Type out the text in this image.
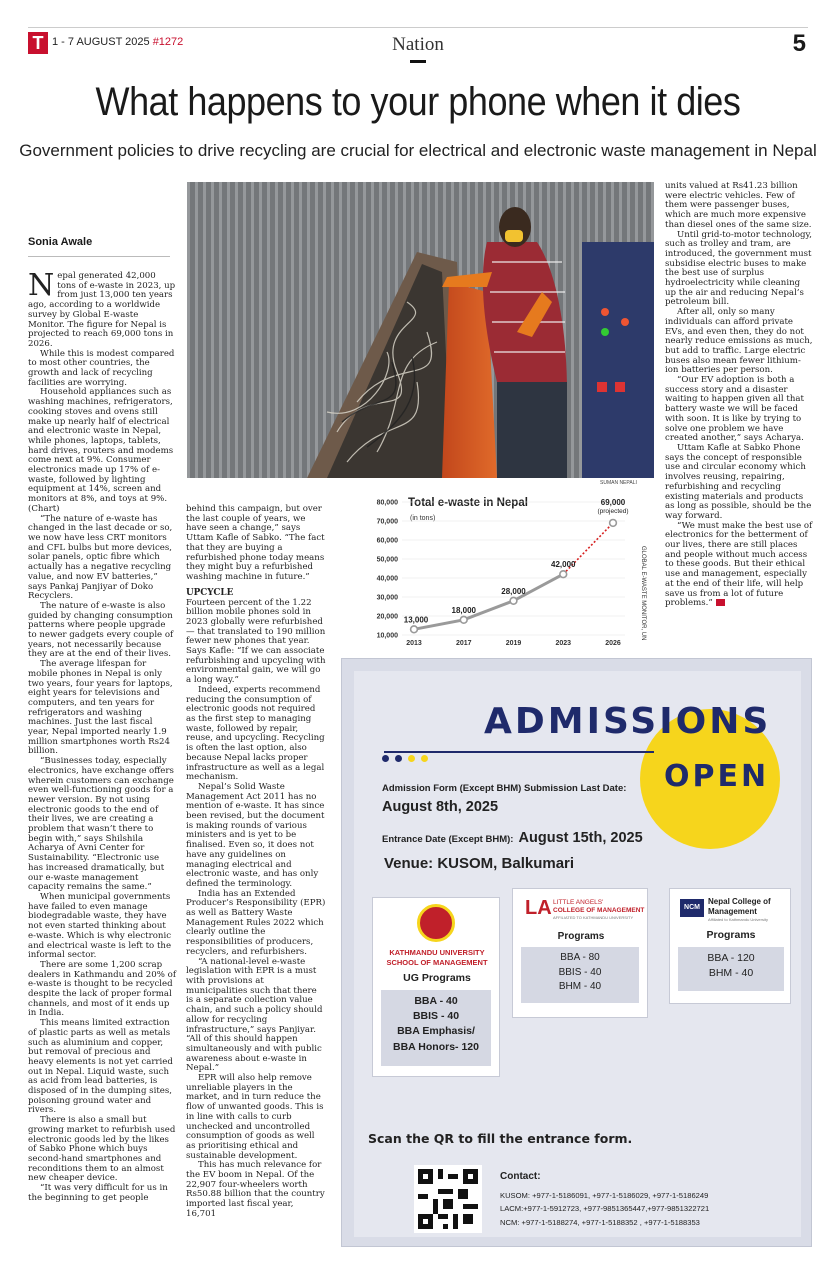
T 1 - 7 AUGUST 2025 #1272	Nation	5
What happens to your phone when it dies
Government policies to drive recycling are crucial for electrical and electronic waste management in Nepal
Sonia Awale

Nepal generated 42,000 tons of e-waste in 2023, up from just 13,000 ten years ago, according to a worldwide survey by Global E-waste Monitor. The figure for Nepal is projected to reach 69,000 tons in 2026.

While this is modest compared to most other countries, the growth and lack of recycling facilities are worrying.

Household appliances such as washing machines, refrigerators, cooking stoves and ovens still make up nearly half of electrical and electronic waste in Nepal, while phones, laptops, tablets, hard drives, routers and modems come next at 9%. Consumer electronics made up 17% of e-waste, followed by lighting equipment at 14%, screen and monitors at 8%, and toys at 9%. (Chart)

“The nature of e-waste has changed in the last decade or so, we now have less CRT monitors and CFL bulbs but more devices, solar panels, optic fibre which actually has a negative recycling value, and now EV batteries,” says Pankaj Panjiyar of Doko Recyclers.

The nature of e-waste is also guided by changing consumption patterns where people upgrade to newer gadgets every couple of years, not necessarily because they are at the end of their lives.

The average lifespan for mobile phones in Nepal is only two years, four years for laptops, eight years for televisions and computers, and ten years for refrigerators and washing machines. Just the last fiscal year, Nepal imported nearly 1.9 million smartphones worth Rs24 billion.

“Businesses today, especially electronics, have exchange offers wherein customers can exchange even well-functioning goods for a newer version. By not using electronic goods to the end of their lives, we are creating a problem that wasn’t there to begin with,” says Shilshila Acharya of Avni Center for Sustainability. “Electronic use has increased dramatically, but our e-waste management capacity remains the same.”

When municipal governments have failed to even manage biodegradable waste, they have not even started thinking about e-waste. Which is why electronic and electrical waste is left to the informal sector.

There are some 1,200 scrap dealers in Kathmandu and 20% of e-waste is thought to be recycled despite the lack of proper formal channels, and most of it ends up in India.

This means limited extraction of plastic parts as well as metals such as aluminium and copper, but removal of precious and heavy elements is not yet carried out in Nepal. Liquid waste, such as acid from lead batteries, is disposed of in the dumping sites, poisoning ground water and rivers.

There is also a small but growing market to refurbish used electronic goods led by the likes of Sabko Phone which buys second-hand smartphones and reconditions them to an almost new cheaper device.

“It was very difficult for us in the beginning to get people

SUMAN NEPALI

behind this campaign, but over the last couple of years, we have seen a change,” says Uttam Kafle of Sabko. “The fact that they are buying a refurbished phone today means they might buy a refurbished washing machine in future.”

UPCYCLE

Fourteen percent of the 1.22 billion mobile phones sold in 2023 globally were refurbished — that translated to 190 million fewer new phones that year. Says Kafle: “If we can associate refurbishing and upcycling with environmental gain, we will go a long way.”

Indeed, experts recommend reducing the consumption of electronic goods not required as the first step to managing waste, followed by repair, reuse, and upcycling. Recycling is often the last option, also because Nepal lacks proper infrastructure as well as a legal mechanism.

Nepal’s Solid Waste Management Act 2011 has no mention of e-waste. It has since been revised, but the document is making rounds of various ministers and is yet to be finalised. Even so, it does not have any guidelines on managing electrical and electronic waste, and has only defined the terminology.

India has an Extended Producer’s Responsibility (EPR) as well as Battery Waste Management Rules 2022 which clearly outline the responsibilities of producers, recyclers, and refurbishers.

“A national-level e-waste legislation with EPR is a must with provisions at municipalities such that there is a separate collection value chain, and such a policy should allow for recycling infrastructure,” says Panjiyar. “All of this should happen simultaneously and with public awareness about e-waste in Nepal.”

EPR will also help remove unreliable players in the market, and in turn reduce the flow of unwanted goods. This is in line with calls to curb unchecked and uncontrolled consumption of goods as well as prioritising ethical and sustainable development.

This has much relevance for the EV boom in Nepal. Of the 22,907 four-wheelers worth Rs50.88 billion that the country imported last fiscal year, 16,701

units valued at Rs41.23 billion were electric vehicles. Few of them were passenger buses, which are much more expensive than diesel ones of the same size.

Until grid-to-motor technology, such as trolley and tram, are introduced, the government must subsidise electric buses to make the best use of surplus hydroelectricity while cleaning up the air and reducing Nepal’s petroleum bill.

After all, only so many individuals can afford private EVs, and even then, they do not nearly reduce emissions as much, but add to traffic. Large electric buses also mean fewer lithium-ion batteries per person.

“Our EV adoption is both a success story and a disaster waiting to happen given all that battery waste we will be faced with soon. It is like by trying to solve one problem we have created another,” says Acharya.

Uttam Kafle at Sabko Phone says the concept of responsible use and circular economy which involves reusing, repairing, refurbishing and recycling existing materials and products as long as possible, should be the way forward.

“We must make the best use of electronics for the betterment of our lives, there are still places and people without much access to these goods. But their ethical use and management, especially at the end of their life, will help save us from a lot of future problems.”

Total e-waste in Nepal
(in tons)
GLOBAL E-WASTE MONITOR, UN
80,000
70,000
60,000
50,000
40,000
30,000
20,000
10,000
2013	2017	2019	2023	2026
13,000
18,000
28,000
42,000
69,000
(projected)
ADMISSIONS
OPEN
Admission Form (Except BHM) Submission Last Date:
August 8th, 2025
Entrance Date (Except BHM): August 15th, 2025
Venue: KUSOM, Balkumari
KATHMANDU UNIVERSITY
SCHOOL OF MANAGEMENT
UG Programs
BBA - 40
BBIS - 40
BBA Emphasis/
BBA Honors- 120
LA LITTLE ANGELS'
COLLEGE OF MANAGEMENT
AFFILIATED TO KATHMANDU UNIVERSITY
Programs
BBA - 80
BBIS - 40
BHM - 40
NCM
Nepal College of
Management
Affiliated to Kathmandu University
Programs
BBA - 120
BHM - 40
Scan the QR to fill the entrance form.
Contact:
KUSOM: +977-1-5186091, +977-1-5186029, +977-1-5186249
LACM:+977-1-5912723, +977-9851365447,+977-9851322721
NCM: +977-1-5188274, +977-1-5188352 , +977-1-5188353
